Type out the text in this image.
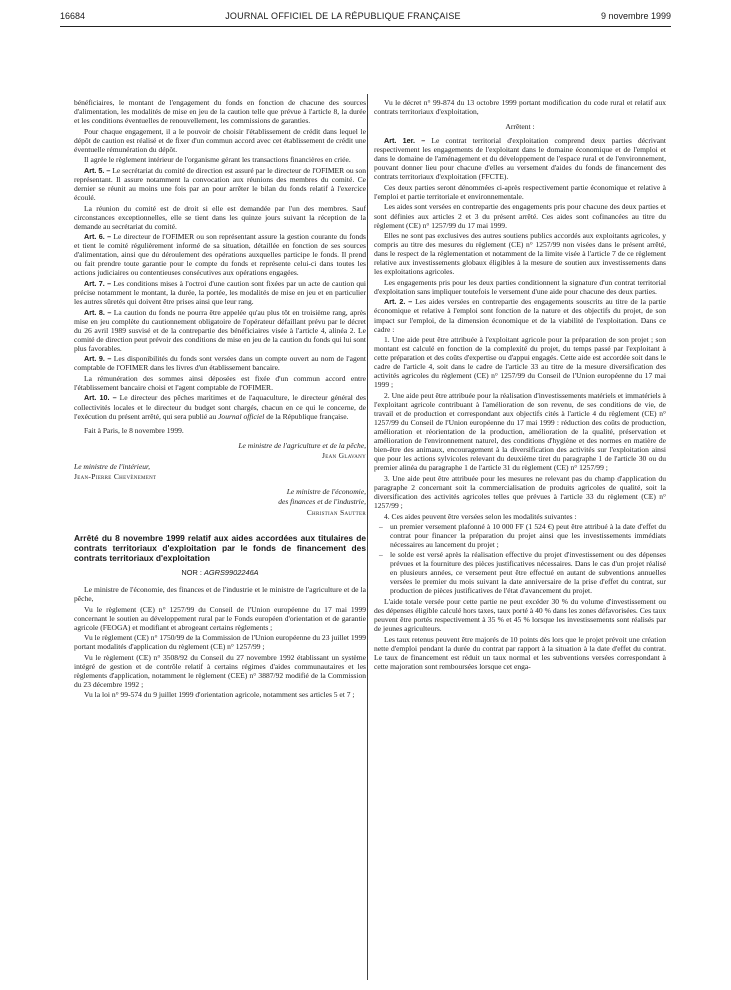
16684	JOURNAL OFFICIEL DE LA RÉPUBLIQUE FRANÇAISE	9 novembre 1999

bénéficiaires, le montant de l'engagement du fonds en fonction de chacune des sources d'alimentation, les modalités de mise en jeu de la caution telle que prévue à l'article 8, la durée et les conditions éventuelles de renouvellement, les commissions de garanties.

Pour chaque engagement, il a le pouvoir de choisir l'établissement de crédit dans lequel le dépôt de caution est réalisé et de fixer d'un commun accord avec cet établissement de crédit une éventuelle rémunération du dépôt.

Il agrée le règlement intérieur de l'organisme gérant les transactions financières en criée.

Art. 5. – Le secrétariat du comité de direction est assuré par le directeur de l'OFIMER ou son représentant. Il assure notamment la convocation aux réunions des membres du comité. Ce dernier se réunit au moins une fois par an pour arrêter le bilan du fonds relatif à l'exercice écoulé.

La réunion du comité est de droit si elle est demandée par l'un des membres. Sauf circonstances exceptionnelles, elle se tient dans les quinze jours suivant la réception de la demande au secrétariat du comité.

Art. 6. – Le directeur de l'OFIMER ou son représentant assure la gestion courante du fonds et tient le comité régulièrement informé de sa situation, détaillée en fonction de ses sources d'alimentation, ainsi que du déroulement des opérations auxquelles participe le fonds. Il prend ou fait prendre toute garantie pour le compte du fonds et représente celui-ci dans toutes les actions judiciaires ou contentieuses consécutives aux opérations engagées.

Art. 7. – Les conditions mises à l'octroi d'une caution sont fixées par un acte de caution qui précise notamment le montant, la durée, la portée, les modalités de mise en jeu et en particulier les autres sûretés qui doivent être prises ainsi que leur rang.

Art. 8. – La caution du fonds ne pourra être appelée qu'au plus tôt en troisième rang, après mise en jeu complète du cautionnement obligatoire de l'opérateur défaillant prévu par le décret du 26 avril 1989 susvisé et de la contrepartie des bénéficiaires visée à l'article 4, alinéa 2. Le comité de direction peut prévoir des conditions de mise en jeu de la caution du fonds qui lui sont plus favorables.

Art. 9. – Les disponibilités du fonds sont versées dans un compte ouvert au nom de l'agent comptable de l'OFIMER dans les livres d'un établissement bancaire.

La rémunération des sommes ainsi déposées est fixée d'un commun accord entre l'établissement bancaire choisi et l'agent comptable de l'OFIMER.

Art. 10. – Le directeur des pêches maritimes et de l'aquaculture, le directeur général des collectivités locales et le directeur du budget sont chargés, chacun en ce qui le concerne, de l'exécution du présent arrêté, qui sera publié au Journal officiel de la République française.

Fait à Paris, le 8 novembre 1999.

Le ministre de l'agriculture et de la pêche,

Jean Glavany

Le ministre de l'intérieur,

Jean-Pierre Chevènement

Le ministre de l'économie,

des finances et de l'industrie,

Christian Sautter

Arrêté du 8 novembre 1999 relatif aux aides accordées aux titulaires de contrats territoriaux d'exploitation par le fonds de financement des contrats territoriaux d'exploitation
NOR : AGRS9902246A

Le ministre de l'économie, des finances et de l'industrie et le ministre de l'agriculture et de la pêche,

Vu le règlement (CE) n° 1257/99 du Conseil de l'Union européenne du 17 mai 1999 concernant le soutien au développement rural par le Fonds européen d'orientation et de garantie agricole (FEOGA) et modifiant et abrogeant certains règlements ;

Vu le règlement (CE) n° 1750/99 de la Commission de l'Union européenne du 23 juillet 1999 portant modalités d'application du règlement (CE) n° 1257/99 ;

Vu le règlement (CE) n° 3508/92 du Conseil du 27 novembre 1992 établissant un système intégré de gestion et de contrôle relatif à certains régimes d'aides communautaires et les règlements d'application, notamment le règlement (CEE) n° 3887/92 modifié de la Commission du 23 décembre 1992 ;

Vu la loi n° 99-574 du 9 juillet 1999 d'orientation agricole, notamment ses articles 5 et 7 ;

Vu le décret n° 99-874 du 13 octobre 1999 portant modification du code rural et relatif aux contrats territoriaux d'exploitation,

Arrêtent :

Art. 1er. – Le contrat territorial d'exploitation comprend deux parties décrivant respectivement les engagements de l'exploitant dans le domaine économique et de l'emploi et dans le domaine de l'aménagement et du développement de l'espace rural et de l'environnement, pouvant donner lieu pour chacune d'elles au versement d'aides du fonds de financement des contrats territoriaux d'exploitation (FFCTE).

Ces deux parties seront dénommées ci-après respectivement partie économique et relative à l'emploi et partie territoriale et environnementale.

Les aides sont versées en contrepartie des engagements pris pour chacune des deux parties et sont définies aux articles 2 et 3 du présent arrêté. Ces aides sont cofinancées au titre du règlement (CE) n° 1257/99 du 17 mai 1999.

Elles ne sont pas exclusives des autres soutiens publics accordés aux exploitants agricoles, y compris au titre des mesures du règlement (CE) n° 1257/99 non visées dans le présent arrêté, dans le respect de la réglementation et notamment de la limite visée à l'article 7 de ce règlement relative aux investissements globaux éligibles à la mesure de soutien aux investissements dans les exploitations agricoles.

Les engagements pris pour les deux parties conditionnent la signature d'un contrat territorial d'exploitation sans impliquer toutefois le versement d'une aide pour chacune des deux parties.

Art. 2. – Les aides versées en contrepartie des engagements souscrits au titre de la partie économique et relative à l'emploi sont fonction de la nature et des objectifs du projet, de son impact sur l'emploi, de la dimension économique et de la viabilité de l'exploitation. Dans ce cadre :

1. Une aide peut être attribuée à l'exploitant agricole pour la préparation de son projet ; son montant est calculé en fonction de la complexité du projet, du temps passé par l'exploitant à cette préparation et des coûts d'expertise ou d'appui engagés. Cette aide est accordée soit dans le cadre de l'article 4, soit dans le cadre de l'article 33 au titre de la mesure diversification des activités agricoles du règlement (CE) n° 1257/99 du Conseil de l'Union européenne du 17 mai 1999 ;

2. Une aide peut être attribuée pour la réalisation d'investissements matériels et immatériels à l'exploitant agricole contribuant à l'amélioration de son revenu, de ses conditions de vie, de travail et de production et correspondant aux objectifs cités à l'article 4 du règlement (CE) n° 1257/99 du Conseil de l'Union européenne du 17 mai 1999 : réduction des coûts de production, amélioration et réorientation de la production, amélioration de la qualité, préservation et amélioration de l'environnement naturel, des conditions d'hygiène et des normes en matière de bien-être des animaux, encouragement à la diversification des activités sur l'exploitation ainsi que pour les actions sylvicoles relevant du deuxième tiret du paragraphe 1 de l'article 30 ou du premier alinéa du paragraphe 1 de l'article 31 du règlement (CE) n° 1257/99 ;

3. Une aide peut être attribuée pour les mesures ne relevant pas du champ d'application du paragraphe 2 concernant soit la commercialisation de produits agricoles de qualité, soit la diversification des activités agricoles telles que prévues à l'article 33 du règlement (CE) n° 1257/99 ;

4. Ces aides peuvent être versées selon les modalités suivantes :

– un premier versement plafonné à 10 000 FF (1 524 €) peut être attribué à la date d'effet du contrat pour financer la préparation du projet ainsi que les investissements immédiats nécessaires au lancement du projet ;
– le solde est versé après la réalisation effective du projet d'investissement ou des dépenses prévues et la fourniture des pièces justificatives nécessaires. Dans le cas d'un projet réalisé en plusieurs années, ce versement peut être effectué en autant de subventions annuelles versées le premier du mois suivant la date anniversaire de la prise d'effet du contrat, sur production de pièces justificatives de l'état d'avancement du projet.

L'aide totale versée pour cette partie ne peut excéder 30 % du volume d'investissement ou des dépenses éligible calculé hors taxes, taux porté à 40 % dans les zones défavorisées. Ces taux peuvent être portés respectivement à 35 % et 45 % lorsque les investissements sont réalisés par de jeunes agriculteurs.

Les taux retenus peuvent être majorés de 10 points dès lors que le projet prévoit une création nette d'emploi pendant la durée du contrat par rapport à la situation à la date d'effet du contrat. Le taux de financement est réduit un taux normal et les subventions versées correspondant à cette majoration sont remboursées lorsque cet enga-
